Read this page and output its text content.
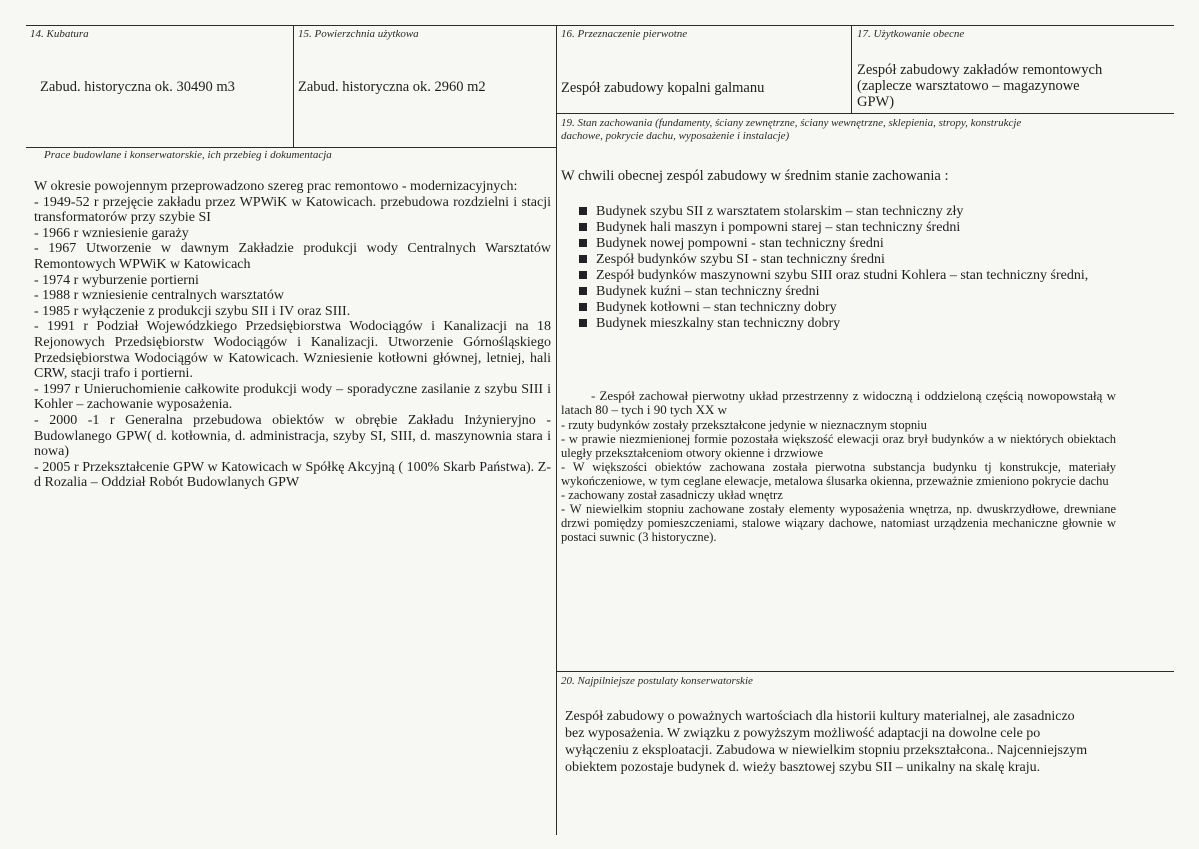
14. Kubatura
Zabud. historyczna ok. 30490 m3
15. Powierzchnia użytkowa
Zabud. historyczna ok. 2960 m2
16. Przeznaczenie pierwotne
Zespół zabudowy kopalni galmanu
17. Użytkowanie obecne
Zespół zabudowy zakładów remontowych (zaplecze warsztatowo – magazynowe GPW)
Prace budowlane i konserwatorskie, ich przebieg i dokumentacja
W okresie powojennym przeprowadzono szereg prac remontowo - modernizacyjnych:
- 1949-52 r przejęcie zakładu przez WPWiK w Katowicach. przebudowa rozdzielni i stacji transformatorów przy szybie SI
- 1966 r wzniesienie garaży
- 1967 Utworzenie w dawnym Zakładzie produkcji wody Centralnych Warsztatów Remontowych WPWiK w Katowicach
- 1974 r wyburzenie portierni
- 1988 r wzniesienie centralnych warsztatów
- 1985 r wyłączenie z produkcji szybu SII i IV oraz SIII.
- 1991 r Podział Wojewódzkiego Przedsiębiorstwa Wodociągów i Kanalizacji na 18 Rejonowych Przedsiębiorstw Wodociągów i Kanalizacji. Utworzenie Górnośląskiego Przedsiębiorstwa Wodociągów w Katowicach. Wzniesienie kotłowni głównej, letniej, hali CRW, stacji trafo i portierni.
- 1997 r Unieruchomienie całkowite produkcji wody – sporadyczne zasilanie z szybu SIII i Kohler – zachowanie wyposażenia.
- 2000 -1 r Generalna przebudowa obiektów w obrębie Zakładu Inżynieryjno - Budowlanego GPW( d. kotłownia, d. administracja, szyby SI, SIII, d. maszynownia stara i nowa)
- 2005 r Przekształcenie GPW w Katowicach w Spółkę Akcyjną ( 100% Skarb Państwa). Z-d Rozalia – Oddział Robót Budowlanych GPW
19. Stan zachowania (fundamenty, ściany zewnętrzne, ściany wewnętrzne, sklepienia, stropy, konstrukcje dachowe, pokrycie dachu, wyposażenie i instalacje)
W chwili obecnej zespól zabudowy w średnim stanie zachowania :
Budynek szybu SII z warsztatem stolarskim – stan techniczny zły
Budynek hali maszyn i pompowni starej – stan techniczny średni
Budynek nowej pompowni - stan techniczny średni
Zespół budynków szybu SI - stan techniczny średni
Zespół budynków maszynowni szybu SIII oraz studni Kohlera – stan techniczny średni,
Budynek kuźni – stan techniczny średni
Budynek kotłowni – stan techniczny dobry
Budynek mieszkalny stan techniczny dobry
- Zespół zachował pierwotny układ przestrzenny z widoczną i oddzieloną częścią nowopowstałą w latach 80 – tych i 90 tych XX w
- rzuty budynków zostały przekształcone jedynie w nieznacznym stopniu
- w prawie niezmienionej formie pozostała większość elewacji oraz brył budynków a w niektórych obiektach uległy przekształceniom otwory okienne i drzwiowe
- W większości obiektów zachowana została pierwotna substancja budynku tj konstrukcje, materiały wykończeniowe, w tym ceglane elewacje, metalowa ślusarka okienna, przeważnie zmieniono pokrycie dachu
- zachowany został zasadniczy układ wnętrz
- W niewielkim stopniu zachowane zostały elementy wyposażenia wnętrza, np. dwuskrzydłowe, drewniane drzwi pomiędzy pomieszczeniami, stalowe wiązary dachowe, natomiast urządzenia mechaniczne głownie w postaci suwnic (3 historyczne).
20. Najpilniejsze postulaty konserwatorskie
Zespół zabudowy o poważnych wartościach dla historii kultury materialnej, ale zasadniczo bez wyposażenia. W związku z powyższym możliwość adaptacji na dowolne cele po wyłączeniu z eksploatacji. Zabudowa w niewielkim stopniu przekształcona.. Najcenniejszym obiektem pozostaje budynek d. wieży basztowej szybu SII – unikalny na skalę kraju.
